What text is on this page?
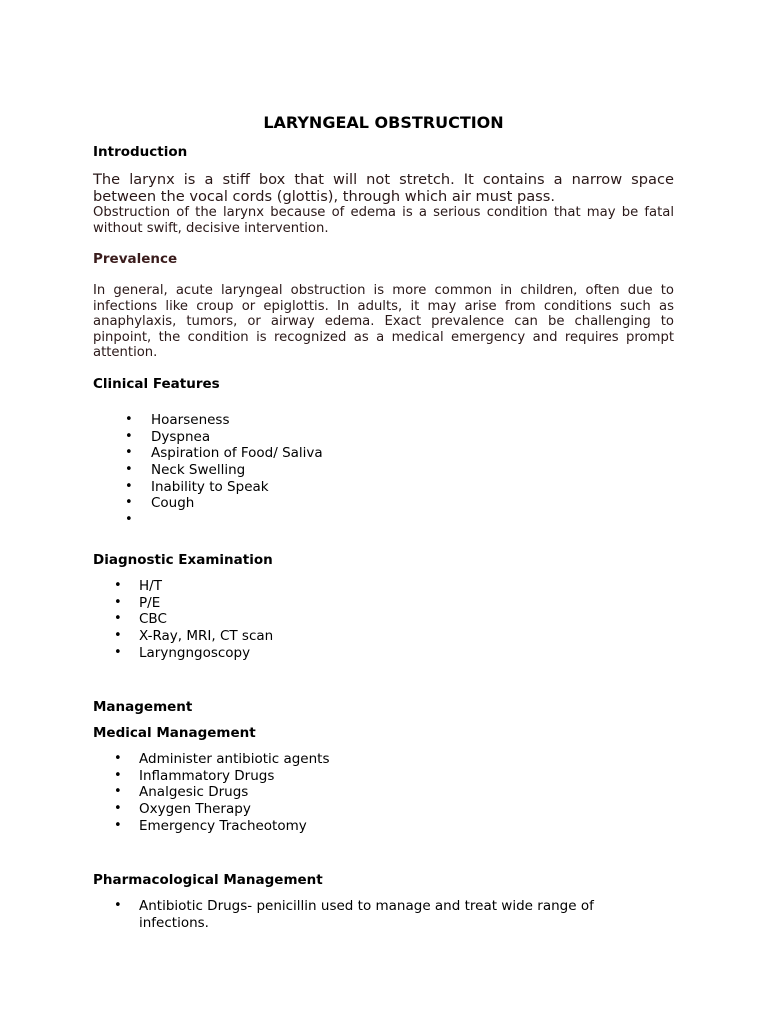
LARYNGEAL OBSTRUCTION
Introduction

The larynx is a stiff box that will not stretch. It contains a narrow space between the vocal cords (glottis), through which air must pass.

Obstruction of the larynx because of edema is a serious condition that may be fatal without swift, decisive intervention.

Prevalence

In general, acute laryngeal obstruction is more common in children, often due to infections like croup or epiglottis. In adults, it may arise from conditions such as anaphylaxis, tumors, or airway edema. Exact prevalence can be challenging to pinpoint, the condition is recognized as a medical emergency and requires prompt attention.

Clinical Features
• Hoarseness
• Dyspnea
• Aspiration of Food/ Saliva
• Neck Swelling
• Inability to Speak
• Cough
•
Diagnostic Examination
• H/T
• P/E
• CBC
• X-Ray, MRI, CT scan
• Laryngngoscopy
Management
Medical Management
• Administer antibiotic agents
• Inflammatory Drugs
• Analgesic Drugs
• Oxygen Therapy
• Emergency Tracheotomy
Pharmacological Management
• Antibiotic Drugs- penicillin used to manage and treat wide range of infections.
